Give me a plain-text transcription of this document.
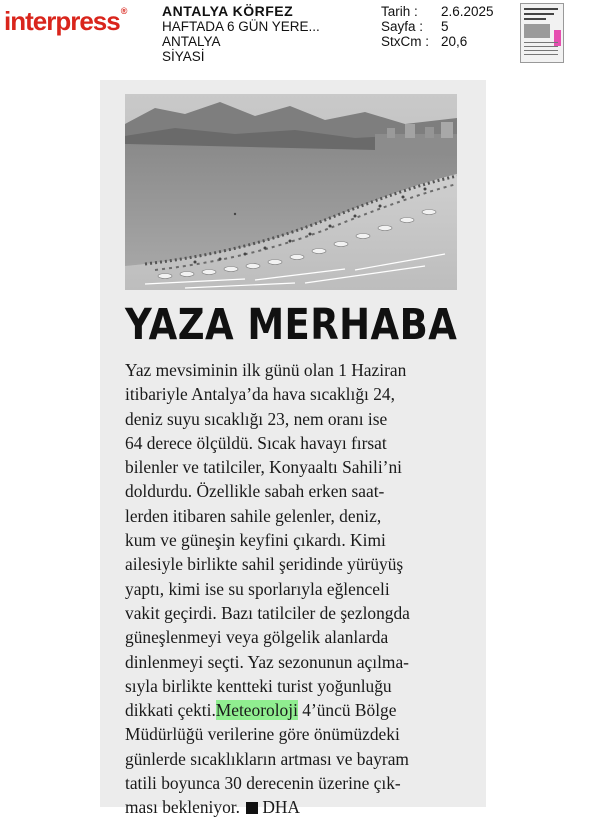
interpress®	ANTALYA KÖRFEZ
HAFTADA 6 GÜN YERE...
ANTALYA
SİYASİ
Tarih :	2.6.2025
Sayfa :	5
StxCm : 20,6
YAZA MERHABA
Yaz mevsiminin ilk günü olan 1 Haziran
itibariyle Antalya’da hava sıcaklığı 24,
deniz suyu sıcaklığı 23, nem oranı ise
64 derece ölçüldü. Sıcak havayı fırsat
bilenler ve tatilciler, Konyaaltı Sahili’ni
doldurdu. Özellikle sabah erken saat-
lerden itibaren sahile gelenler, deniz,
kum ve güneşin keyfini çıkardı. Kimi
ailesiyle birlikte sahil şeridinde yürüyüş
yaptı, kimi ise su sporlarıyla eğlenceli
vakit geçirdi. Bazı tatilciler de şezlongda
güneşlenmeyi veya gölgelik alanlarda
dinlenmeyi seçti. Yaz sezonunun açılma-
sıyla birlikte kentteki turist yoğunluğu
dikkati çekti.Meteoroloji 4’üncü Bölge
Müdürlüğü verilerine göre önümüzdeki
günlerde sıcaklıkların artması ve bayram
tatili boyunca 30 derecenin üzerine çık-
ması bekleniyor. DHA
